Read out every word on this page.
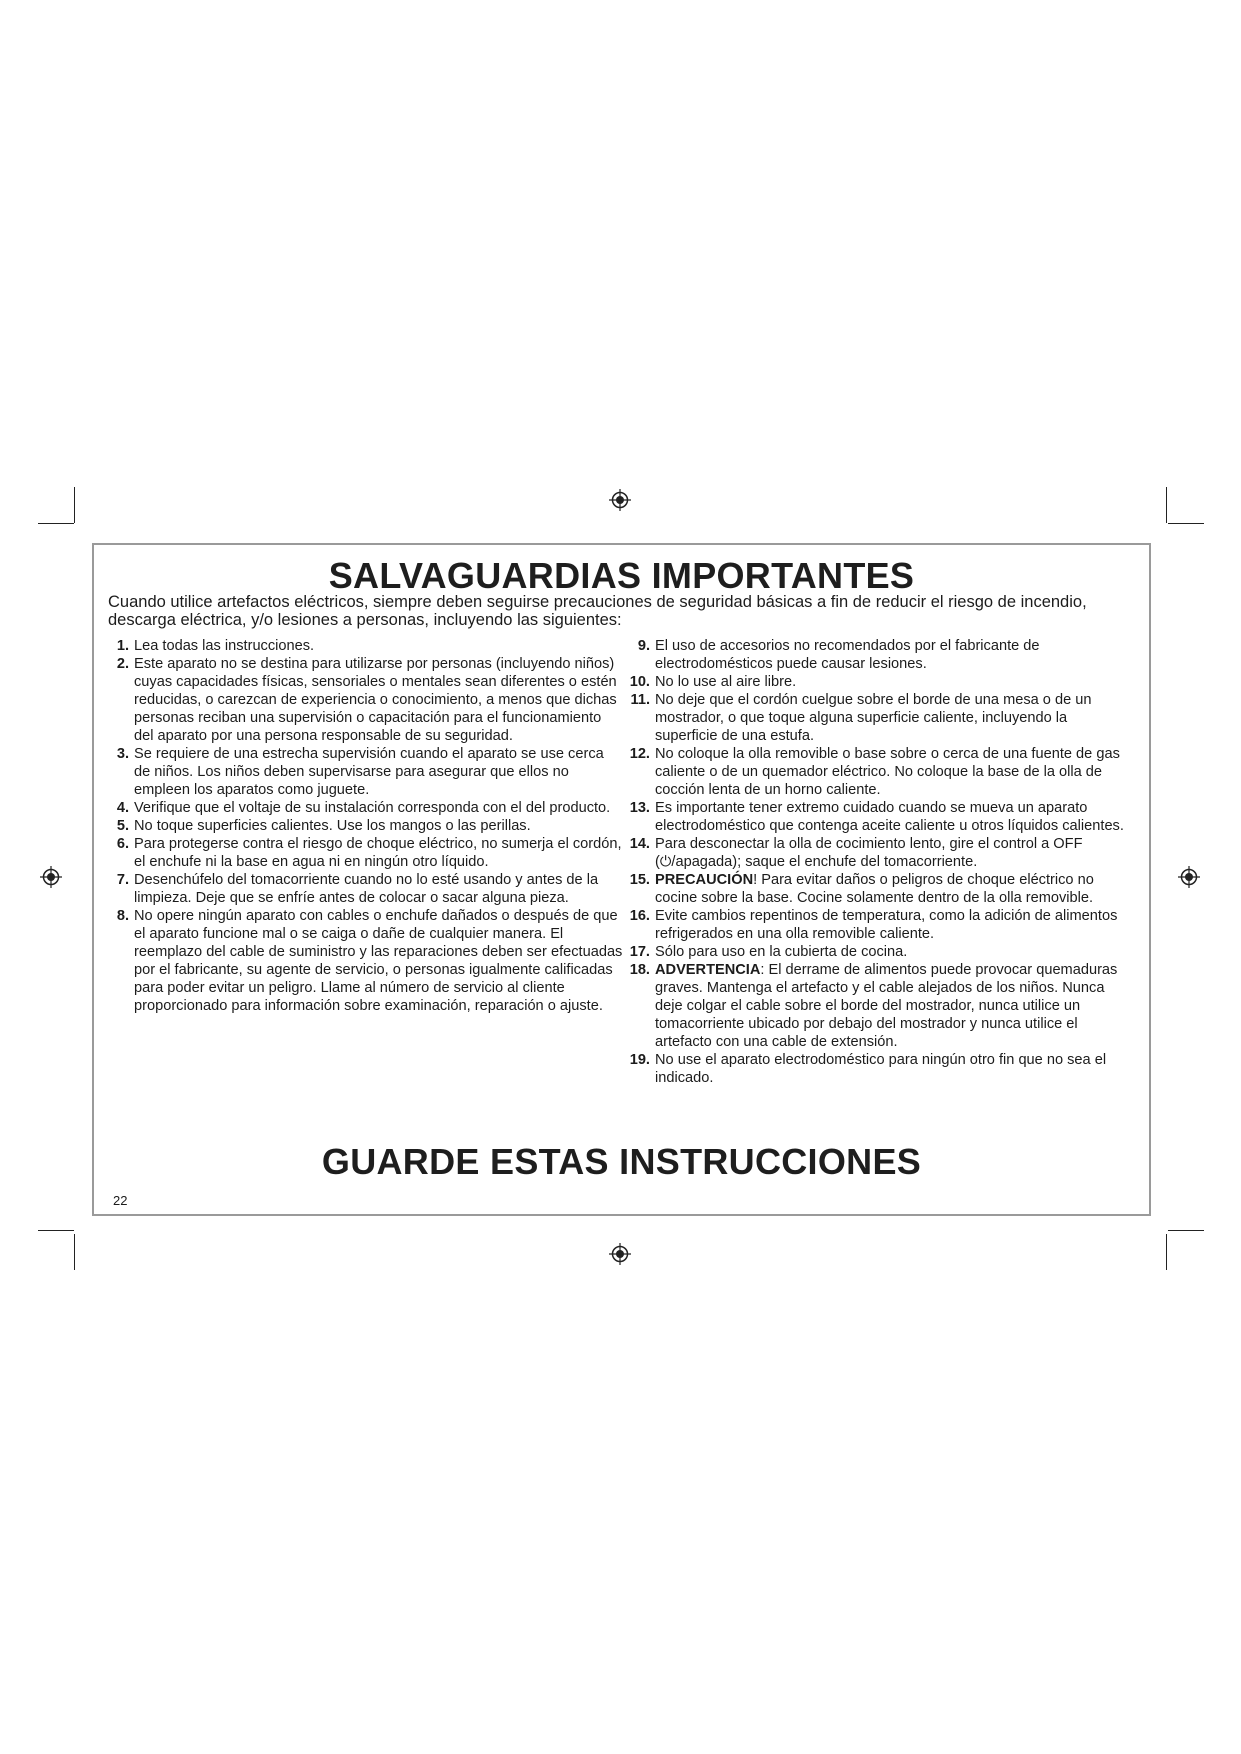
SALVAGUARDIAS IMPORTANTES
Cuando utilice artefactos eléctricos, siempre deben seguirse precauciones de seguridad básicas a fin de reducir el riesgo de incendio, descarga eléctrica, y/o lesiones a personas, incluyendo las siguientes:
1. Lea todas las instrucciones.
2. Este aparato no se destina para utilizarse por personas (incluyendo niños) cuyas capacidades físicas, sensoriales o mentales sean diferentes o estén reducidas, o carezcan de experiencia o conocimiento, a menos que dichas personas reciban una supervisión o capacitación para el funcionamiento del aparato por una persona responsable de su seguridad.
3. Se requiere de una estrecha supervisión cuando el aparato se use cerca de niños. Los niños deben supervisarse para asegurar que ellos no empleen los aparatos como juguete.
4. Verifique que el voltaje de su instalación corresponda con el del producto.
5. No toque superficies calientes. Use los mangos o las perillas.
6. Para protegerse contra el riesgo de choque eléctrico, no sumerja el cordón, el enchufe ni la base en agua ni en ningún otro líquido.
7. Desenchúfelo del tomacorriente cuando no lo esté usando y antes de la limpieza. Deje que se enfríe antes de colocar o sacar alguna pieza.
8. No opere ningún aparato con cables o enchufe dañados o después de que el aparato funcione mal o se caiga o dañe de cualquier manera. El reemplazo del cable de suministro y las reparaciones deben ser efectuadas por el fabricante, su agente de servicio, o personas igualmente calificadas para poder evitar un peligro. Llame al número de servicio al cliente proporcionado para información sobre examinación, reparación o ajuste.
9. El uso de accesorios no recomendados por el fabricante de electrodomésticos puede causar lesiones.
10. No lo use al aire libre.
11. No deje que el cordón cuelgue sobre el borde de una mesa o de un mostrador, o que toque alguna superficie caliente, incluyendo la superficie de una estufa.
12. No coloque la olla removible o base sobre o cerca de una fuente de gas caliente o de un quemador eléctrico. No coloque la base de la olla de cocción lenta de un horno caliente.
13. Es importante tener extremo cuidado cuando se mueva un aparato electrodoméstico que contenga aceite caliente u otros líquidos calientes.
14. Para desconectar la olla de cocimiento lento, gire el control a OFF (⏻/apagada); saque el enchufe del tomacorriente.
15. PRECAUCIÓN! Para evitar daños o peligros de choque eléctrico no cocine sobre la base. Cocine solamente dentro de la olla removible.
16. Evite cambios repentinos de temperatura, como la adición de alimentos refrigerados en una olla removible caliente.
17. Sólo para uso en la cubierta de cocina.
18. ADVERTENCIA: El derrame de alimentos puede provocar quemaduras graves. Mantenga el artefacto y el cable alejados de los niños. Nunca deje colgar el cable sobre el borde del mostrador, nunca utilice un tomacorriente ubicado por debajo del mostrador y nunca utilice el artefacto con una cable de extensión.
19. No use el aparato electrodoméstico para ningún otro fin que no sea el indicado.
GUARDE ESTAS INSTRUCCIONES
22
